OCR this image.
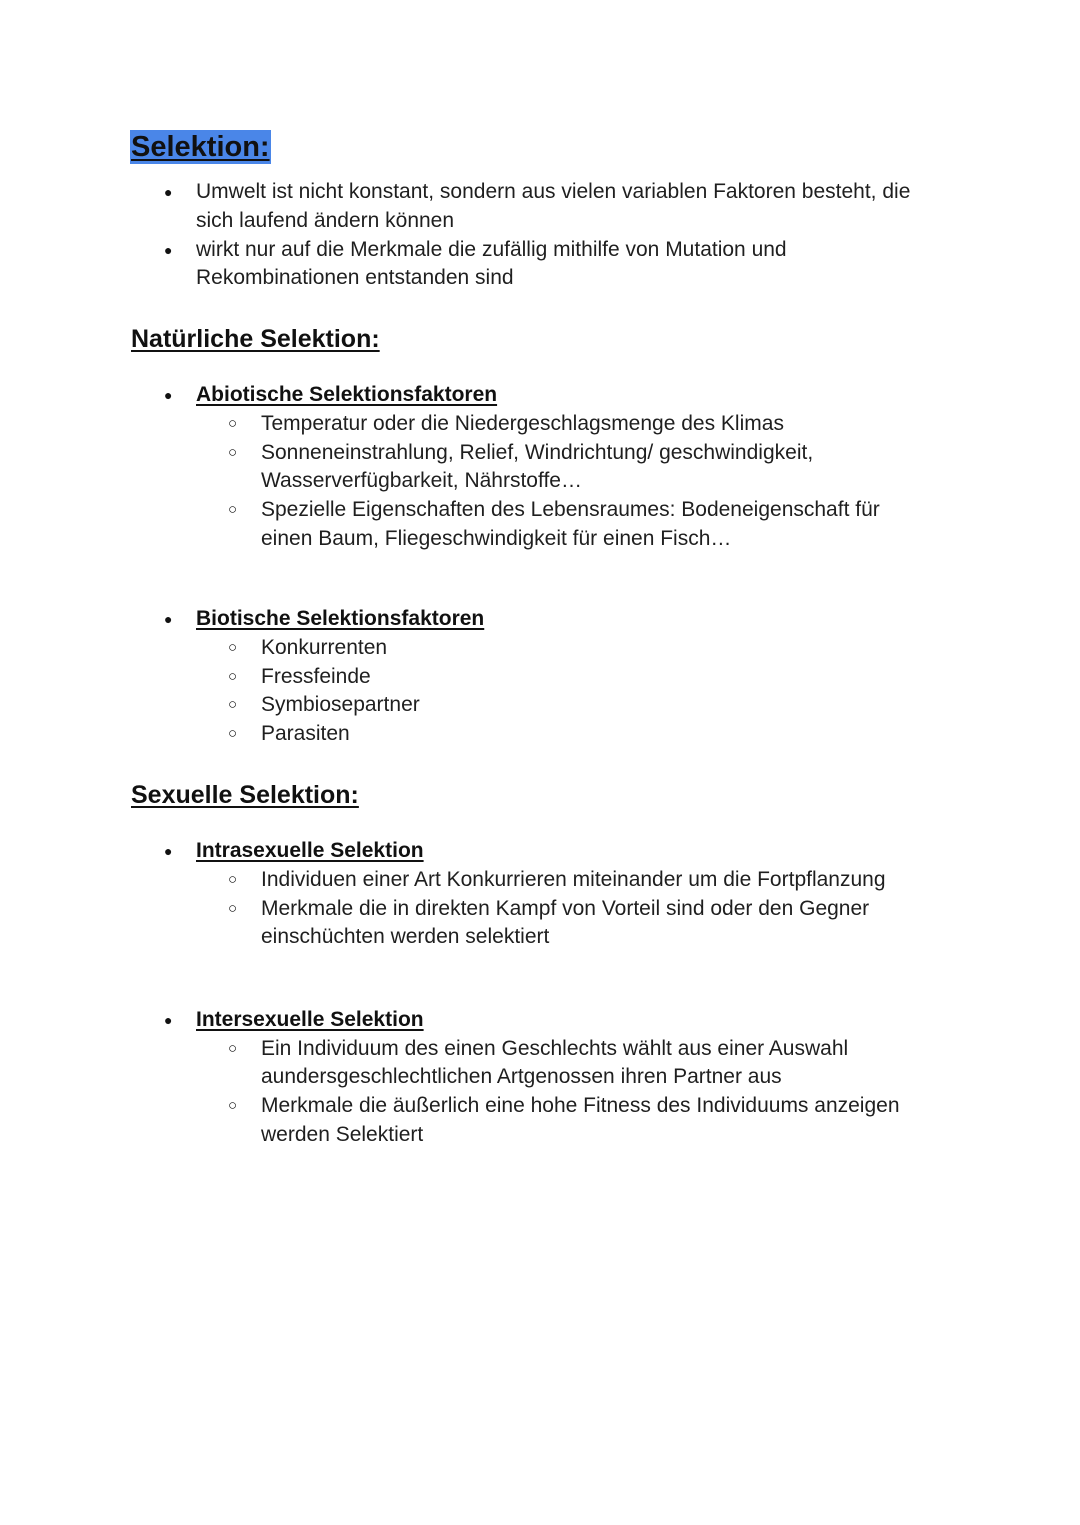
Selektion:
● Umwelt ist nicht konstant, sondern aus vielen variablen Faktoren besteht, die
sich laufend ändern können
● wirkt nur auf die Merkmale die zufällig mithilfe von Mutation und
Rekombinationen entstanden sind
Natürliche Selektion:
● Abiotische Selektionsfaktoren
○ Temperatur oder die Niedergeschlagsmenge des Klimas
○ Sonneneinstrahlung, Relief, Windrichtung/ geschwindigkeit,
Wasserverfügbarkeit, Nährstoffe…
○ Spezielle Eigenschaften des Lebensraumes: Bodeneigenschaft für
einen Baum, Fliegeschwindigkeit für einen Fisch…
● Biotische Selektionsfaktoren
○ Konkurrenten
○ Fressfeinde
○ Symbiosepartner
○ Parasiten
Sexuelle Selektion:
● Intrasexuelle Selektion
○ Individuen einer Art Konkurrieren miteinander um die Fortpflanzung
○ Merkmale die in direkten Kampf von Vorteil sind oder den Gegner
einschüchten werden selektiert
● Intersexuelle Selektion
○ Ein Individuum des einen Geschlechts wählt aus einer Auswahl
aundersgeschlechtlichen Artgenossen ihren Partner aus
○ Merkmale die äußerlich eine hohe Fitness des Individuums anzeigen
werden Selektiert
